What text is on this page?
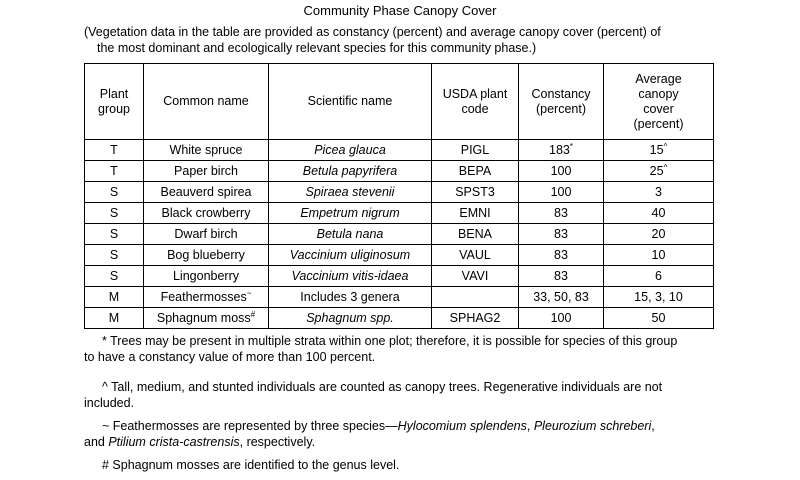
Community Phase Canopy Cover
(Vegetation data in the table are provided as constancy (percent) and average canopy cover (percent) of
the most dominant and ecologically relevant species for this community phase.)
Plant group	Common name	Scientific name	USDA plant code	Constancy (percent)	Average canopy cover (percent)
T	White spruce	Picea glauca	PIGL	183*	15^
T	Paper birch	Betula papyrifera	BEPA	100	25^
S	Beauverd spirea	Spiraea stevenii	SPST3	100	3
S	Black crowberry	Empetrum nigrum	EMNI	83	40
S	Dwarf birch	Betula nana	BENA	83	20
S	Bog blueberry	Vaccinium uliginosum	VAUL	83	10
S	Lingonberry	Vaccinium vitis-idaea	VAVI	83	6
M	Feathermosses~	Includes 3 genera		33, 50, 83	15, 3, 10
M	Sphagnum moss#	Sphagnum spp.	SPHAG2	100	50
* Trees may be present in multiple strata within one plot; therefore, it is possible for species of this group
to have a constancy value of more than 100 percent.
^ Tall, medium, and stunted individuals are counted as canopy trees. Regenerative individuals are not
included.
~ Feathermosses are represented by three species—Hylocomium splendens, Pleurozium schreberi,
and Ptilium crista-castrensis, respectively.
# Sphagnum mosses are identified to the genus level.
